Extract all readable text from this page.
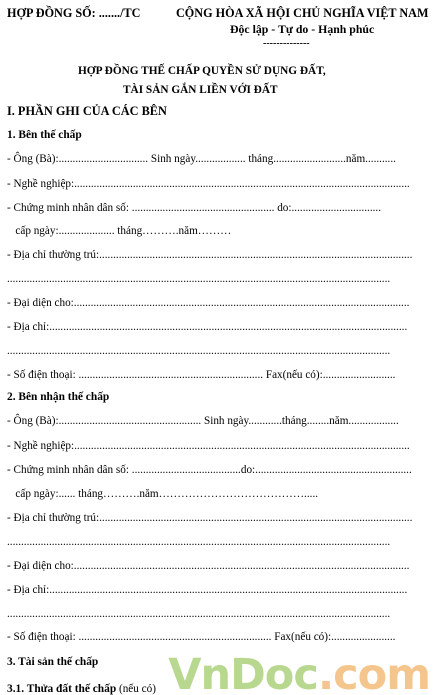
HỢP ĐỒNG SỐ: ......./TC	CỘNG HÒA XÃ HỘI CHỦ NGHĨA VIỆT NAM
Độc lập - Tự do - Hạnh phúc
--------------
HỢP ĐỒNG THẾ CHẤP QUYỀN SỬ DỤNG ĐẤT,
TÀI SẢN GẮN LIỀN VỚI ĐẤT
I. PHẦN GHI CỦA CÁC BÊN
1. Bên thế chấp
- Ông (Bà):................................ Sinh ngày.................. tháng..........................năm...........
- Nghề nghiệp:........................................................................................................................
- Chứng minh nhân dân số: ................................................... do:................................
cấp ngày:.................... tháng……….năm………
- Địa chỉ thường trú:................................................................................................................
.........................................................................................................................................
- Đại diện cho:........................................................................................................................
- Địa chỉ:................................................................................................................................
.........................................................................................................................................
- Số điện thoại: .................................................................. Fax(nếu có):..........................
2. Bên nhận thế chấp
- Ông (Bà):................................................... Sinh ngày............tháng........năm..................
- Nghề nghiệp:........................................................................................................................
- Chứng minh nhân dân số: .......................................do:........................................................
cấp ngày:...... tháng……….năm………………………………….....
- Địa chỉ thường trú:................................................................................................................
.........................................................................................................................................
- Đại diện cho:........................................................................................................................
- Địa chỉ:................................................................................................................................
.........................................................................................................................................
- Số điện thoại: ..................................................................... Fax(nếu có):.......................
3. Tài sản thế chấp
3.1. Thửa đất thế chấp (nếu có) VnDoc.com
